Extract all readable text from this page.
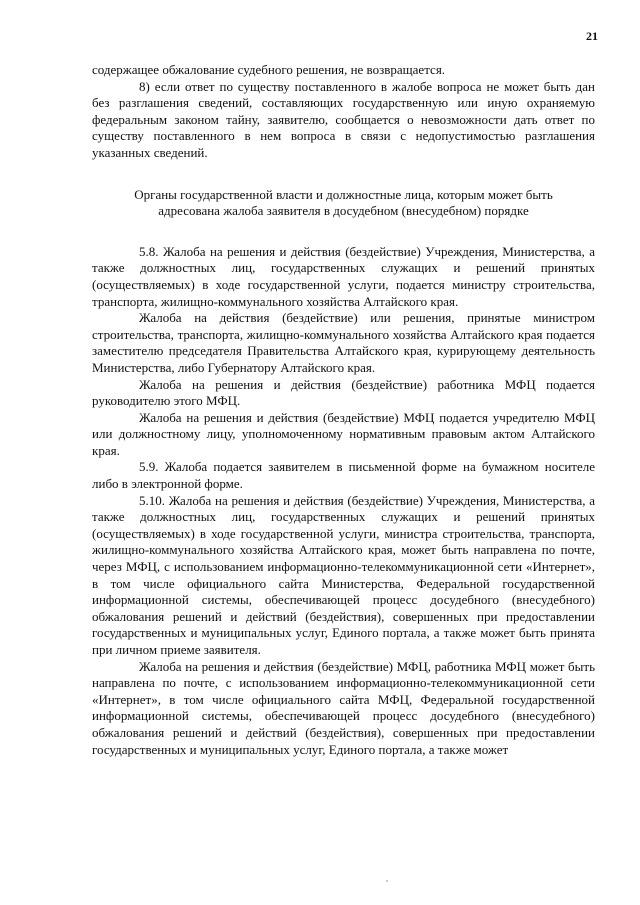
21

содержащее обжалование судебного решения, не возвращается.

8) если ответ по существу поставленного в жалобе вопроса не может быть дан без разглашения сведений, составляющих государственную или иную охраняемую федеральным законом тайну, заявителю, сообщается о невозможности дать ответ по существу поставленного в нем вопроса в связи с недопустимостью разглашения указанных сведений.

Органы государственной власти и должностные лица, которым может быть
адресована жалоба заявителя в досудебном (внесудебном) порядке

5.8. Жалоба на решения и действия (бездействие) Учреждения, Министерства, а также должностных лиц, государственных служащих и решений принятых (осуществляемых) в ходе государственной услуги, подается министру строительства, транспорта, жилищно-коммунального хозяйства Алтайского края.

Жалоба на действия (бездействие) или решения, принятые министром строительства, транспорта, жилищно-коммунального хозяйства Алтайского края подается заместителю председателя Правительства Алтайского края, курирующему деятельность Министерства, либо Губернатору Алтайского края.

Жалоба на решения и действия (бездействие) работника МФЦ подается руководителю этого МФЦ.

Жалоба на решения и действия (бездействие) МФЦ подается учредителю МФЦ или должностному лицу, уполномоченному нормативным правовым актом Алтайского края.

5.9. Жалоба подается заявителем в письменной форме на бумажном носителе либо в электронной форме.

5.10. Жалоба на решения и действия (бездействие) Учреждения, Министерства, а также должностных лиц, государственных служащих и решений принятых (осуществляемых) в ходе государственной услуги, министра строительства, транспорта, жилищно-коммунального хозяйства Алтайского края, может быть направлена по почте, через МФЦ, с использованием информационно-телекоммуникационной сети «Интернет», в том числе официального сайта Министерства, Федеральной государственной информационной системы, обеспечивающей процесс досудебного (внесудебного) обжалования решений и действий (бездействия), совершенных при предоставлении государственных и муниципальных услуг, Единого портала, а также может быть принята при личном приеме заявителя.

Жалоба на решения и действия (бездействие) МФЦ, работника МФЦ может быть направлена по почте, с использованием информационно-телекоммуникационной сети «Интернет», в том числе официального сайта МФЦ, Федеральной государственной информационной системы, обеспечивающей процесс досудебного (внесудебного) обжалования решений и действий (бездействия), совершенных при предоставлении государственных и муниципальных услуг, Единого портала, а также может
